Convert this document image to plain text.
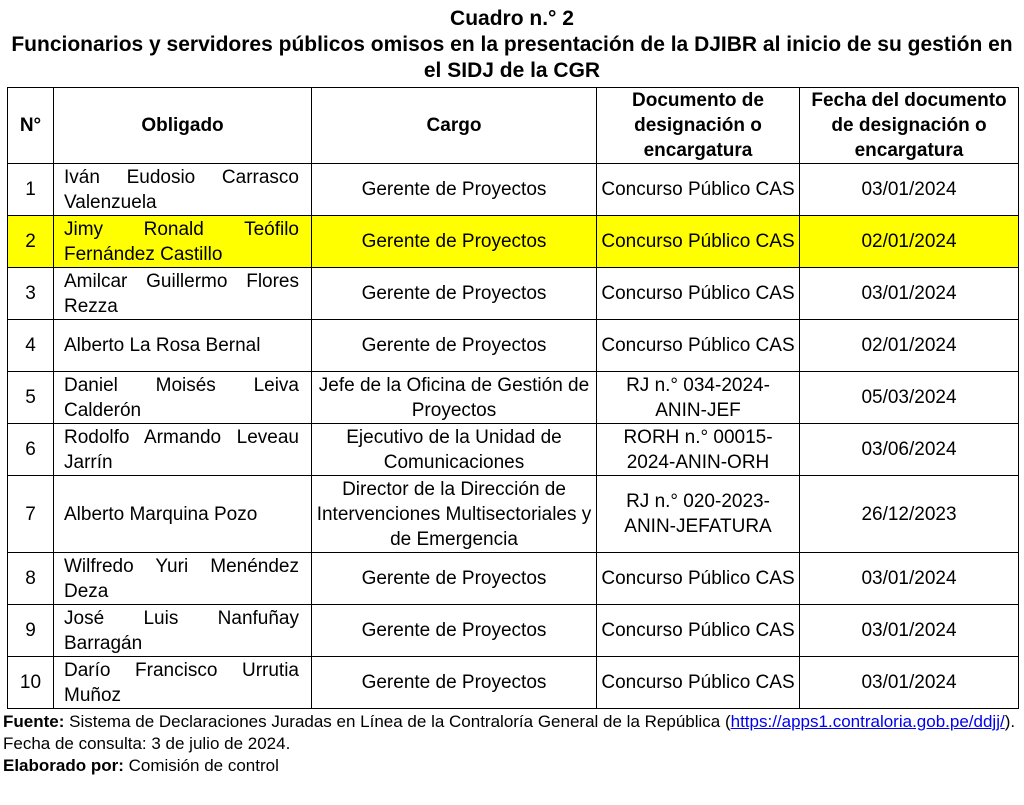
Cuadro n.° 2
Funcionarios y servidores públicos omisos en la presentación de la DJIBR al inicio de su gestión en el SIDJ de la CGR
N°	Obligado	Cargo	Documento de designación o encargatura	Fecha del documento de designación o encargatura
1	Iván Eudosio Carrasco Valenzuela	Gerente de Proyectos	Concurso Público CAS	03/01/2024
2	Jimy Ronald Teófilo Fernández Castillo	Gerente de Proyectos	Concurso Público CAS	02/01/2024
3	Amilcar Guillermo Flores Rezza	Gerente de Proyectos	Concurso Público CAS	03/01/2024
4	Alberto La Rosa Bernal	Gerente de Proyectos	Concurso Público CAS	02/01/2024
5	Daniel Moisés Leiva Calderón	Jefe de la Oficina de Gestión de Proyectos	RJ n.° 034-2024-ANIN-JEF	05/03/2024
6	Rodolfo Armando Leveau Jarrín	Ejecutivo de la Unidad de Comunicaciones	RORH n.° 00015-2024-ANIN-ORH	03/06/2024
7	Alberto Marquina Pozo	Director de la Dirección de Intervenciones Multisectoriales y de Emergencia	RJ n.° 020-2023-ANIN-JEFATURA	26/12/2023
8	Wilfredo Yuri Menéndez Deza	Gerente de Proyectos	Concurso Público CAS	03/01/2024
9	José Luis Nanfuñay Barragán	Gerente de Proyectos	Concurso Público CAS	03/01/2024
10	Darío Francisco Urrutia Muñoz	Gerente de Proyectos	Concurso Público CAS	03/01/2024
Fuente: Sistema de Declaraciones Juradas en Línea de la Contraloría General de la República (https://apps1.contraloria.gob.pe/ddjj/).
Fecha de consulta: 3 de julio de 2024.
Elaborado por: Comisión de control
